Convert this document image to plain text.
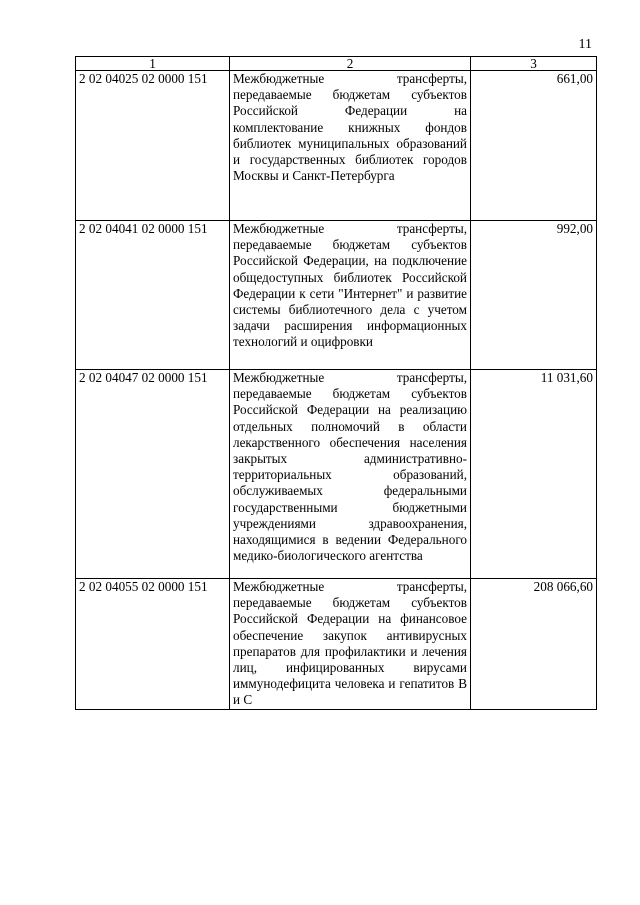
11
1	2	3
2 02 04025 02 0000 151	Межбюджетные трансферты, передаваемые бюджетам субъектов Российской Федерации на комплектование книжных фондов библиотек муниципальных образований и государственных библиотек городов Москвы и Санкт-Петербурга	661,00
2 02 04041 02 0000 151	Межбюджетные трансферты, передаваемые бюджетам субъектов Российской Федерации, на подключение общедоступных библиотек Российской Федерации к сети "Интернет" и развитие системы библиотечного дела с учетом задачи расширения информационных технологий и оцифровки	992,00
2 02 04047 02 0000 151	Межбюджетные трансферты, передаваемые бюджетам субъектов Российской Федерации на реализацию отдельных полномочий в области лекарственного обеспечения населения закрытых административно-территориальных образований, обслуживаемых федеральными государственными бюджетными учреждениями здравоохранения, находящимися в ведении Федерального медико-биологического агентства	11 031,60
2 02 04055 02 0000 151	Межбюджетные трансферты, передаваемые бюджетам субъектов Российской Федерации на финансовое обеспечение закупок антивирусных препаратов для профилактики и лечения лиц, инфицированных вирусами иммунодефицита человека и гепатитов В и С	208 066,60
